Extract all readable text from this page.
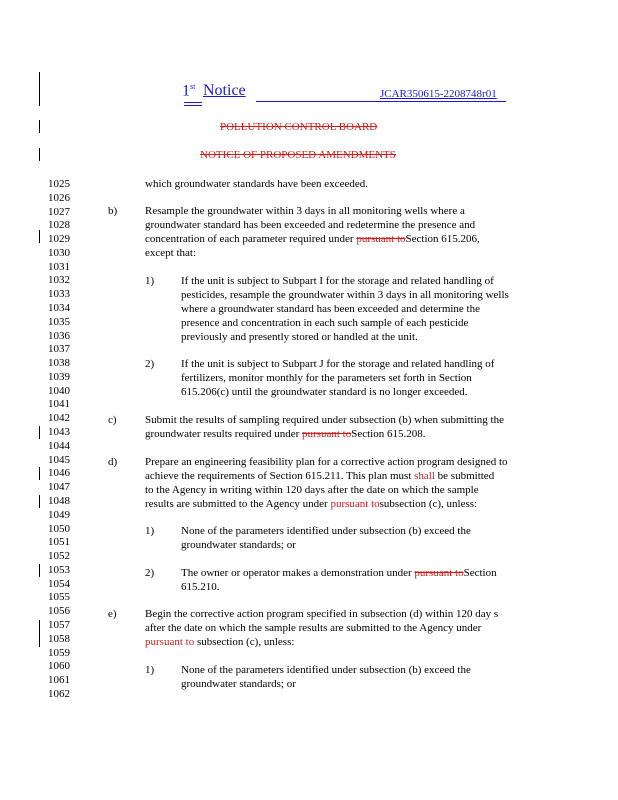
1st Notice	JCAR350615-2208748r01
POLLUTION CONTROL BOARD
NOTICE OF PROPOSED AMENDMENTS
1025
1026
1027
1028
1029
1030
1031
1032
1033
1034
1035
1036
1037
1038
1039
1040
1041
1042
1043
1044
1045
1046
1047
1048
1049
1050
1051
1052
1053
1054
1055
1056
1057
1058
1059
1060
1061
1062
which groundwater standards have been exceeded.
b)	Resample the groundwater within 3 days in all monitoring wells where a
groundwater standard has been exceeded and redetermine the presence and
concentration of each parameter required under pursuant toSection 615.206,
except that:
1) If the unit is subject to Subpart I for the storage and related handling of
pesticides, resample the groundwater within 3 days in all monitoring wells
where a groundwater standard has been exceeded and determine the
presence and concentration in each such sample of each pesticide
previously and presently stored or handled at the unit.
2) If the unit is subject to Subpart J for the storage and related handling of
fertilizers, monitor monthly for the parameters set forth in Section
615.206(c) until the groundwater standard is no longer exceeded.
c)	Submit the results of sampling required under subsection (b) when submitting the
groundwater results required under pursuant toSection 615.208.
d)	Prepare an engineering feasibility plan for a corrective action program designed to
achieve the requirements of Section 615.211. This plan must shall be submitted
to the Agency in writing within 120 days after the date on which the sample
results are submitted to the Agency under pursuant tosubsection (c), unless:
1) None of the parameters identified under subsection (b) exceed the
groundwater standards; or
2) The owner or operator makes a demonstration under pursuant toSection
615.210.
e)	Begin the corrective action program specified in subsection (d) within 120 day s
after the date on which the sample results are submitted to the Agency under
pursuant to subsection (c), unless:
1) None of the parameters identified under subsection (b) exceed the
groundwater standards; or
